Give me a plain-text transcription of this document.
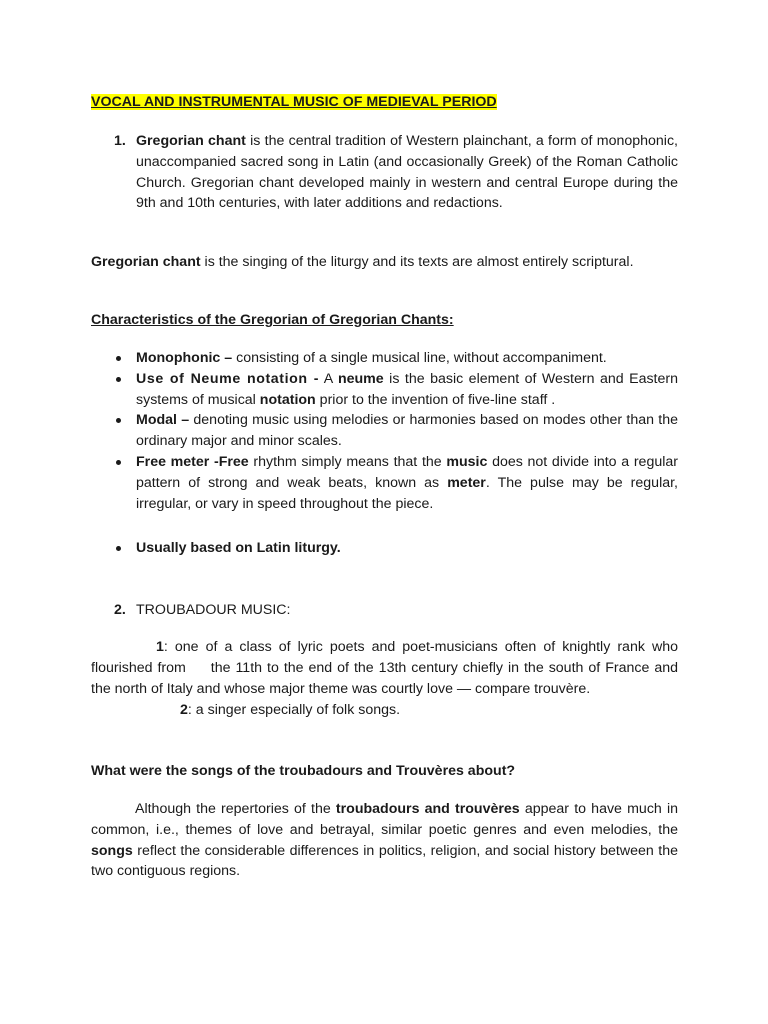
VOCAL AND INSTRUMENTAL MUSIC OF MEDIEVAL PERIOD
1. Gregorian chant is the central tradition of Western plainchant, a form of monophonic, unaccompanied sacred song in Latin (and occasionally Greek) of the Roman Catholic Church. Gregorian chant developed mainly in western and central Europe during the 9th and 10th centuries, with later additions and redactions.

Gregorian chant is the singing of the liturgy and its texts are almost entirely scriptural.

Characteristics of the Gregorian of Gregorian Chants:

Monophonic – consisting of a single musical line, without accompaniment.
Use of Neume notation - A neume is the basic element of Western and Eastern systems of musical notation prior to the invention of five-line staff .
Modal – denoting music using melodies or harmonies based on modes other than the ordinary major and minor scales.
Free meter -Free rhythm simply means that the music does not divide into a regular pattern of strong and weak beats, known as meter. The pulse may be regular, irregular, or vary in speed throughout the piece.
Usually based on Latin liturgy.
2. TROUBADOUR MUSIC:
1: one of a class of lyric poets and poet-musicians often of knightly rank who flourished from     the 11th to the end of the 13th century chiefly in the south of France and the north of Italy and whose major theme was courtly love — compare trouvère.
2: a singer especially of folk songs.

What were the songs of the troubadours and Trouvères about?

Although the repertories of the troubadours and trouvères appear to have much in common, i.e., themes of love and betrayal, similar poetic genres and even melodies, the songs reflect the considerable differences in politics, religion, and social history between the two contiguous regions.
